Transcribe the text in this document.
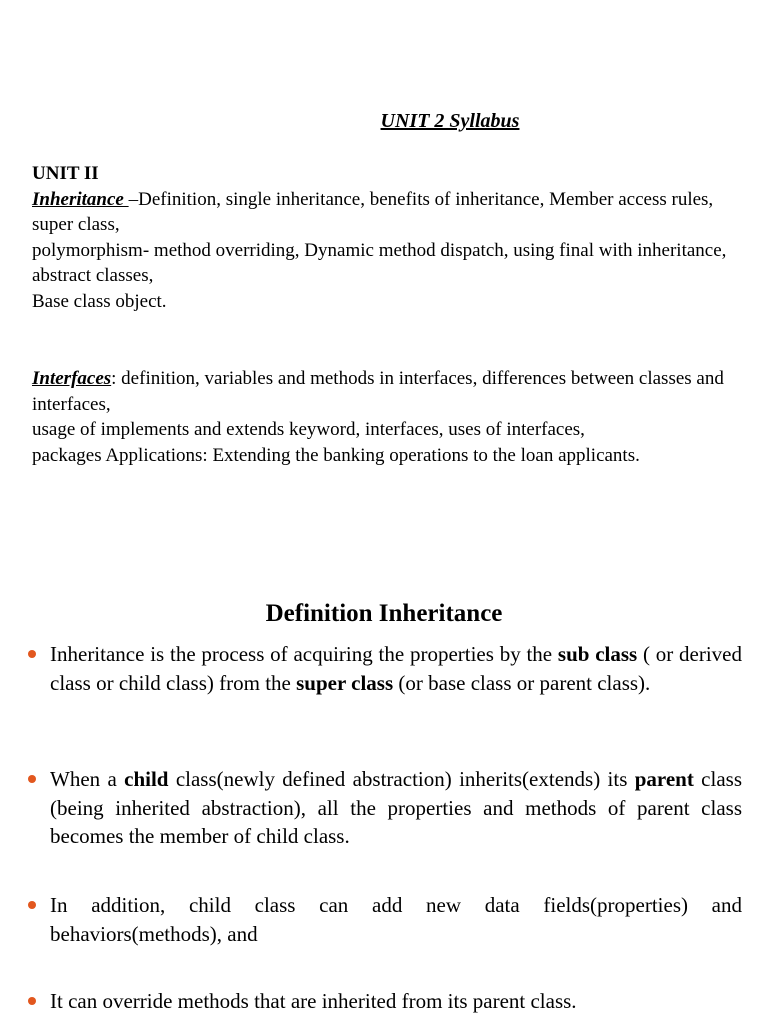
UNIT 2 Syllabus
UNIT II
Inheritance –Definition, single inheritance, benefits of inheritance, Member access rules, super class,
polymorphism- method overriding, Dynamic method dispatch, using final with inheritance, abstract classes,
Base class object.
Interfaces: definition, variables and methods in interfaces, differences between classes and interfaces,
usage of implements and extends keyword, interfaces, uses of interfaces,
packages Applications: Extending the banking operations to the loan applicants.
Definition Inheritance
Inheritance is the process of acquiring the properties by the sub class ( or derived class or child class) from the super class (or base class or parent class).
When a child class(newly defined abstraction) inherits(extends) its parent class (being inherited abstraction), all the properties and methods of parent class becomes the member of child class.
In addition, child class can add new data fields(properties) and behaviors(methods), and
It can override methods that are inherited from its parent class.
